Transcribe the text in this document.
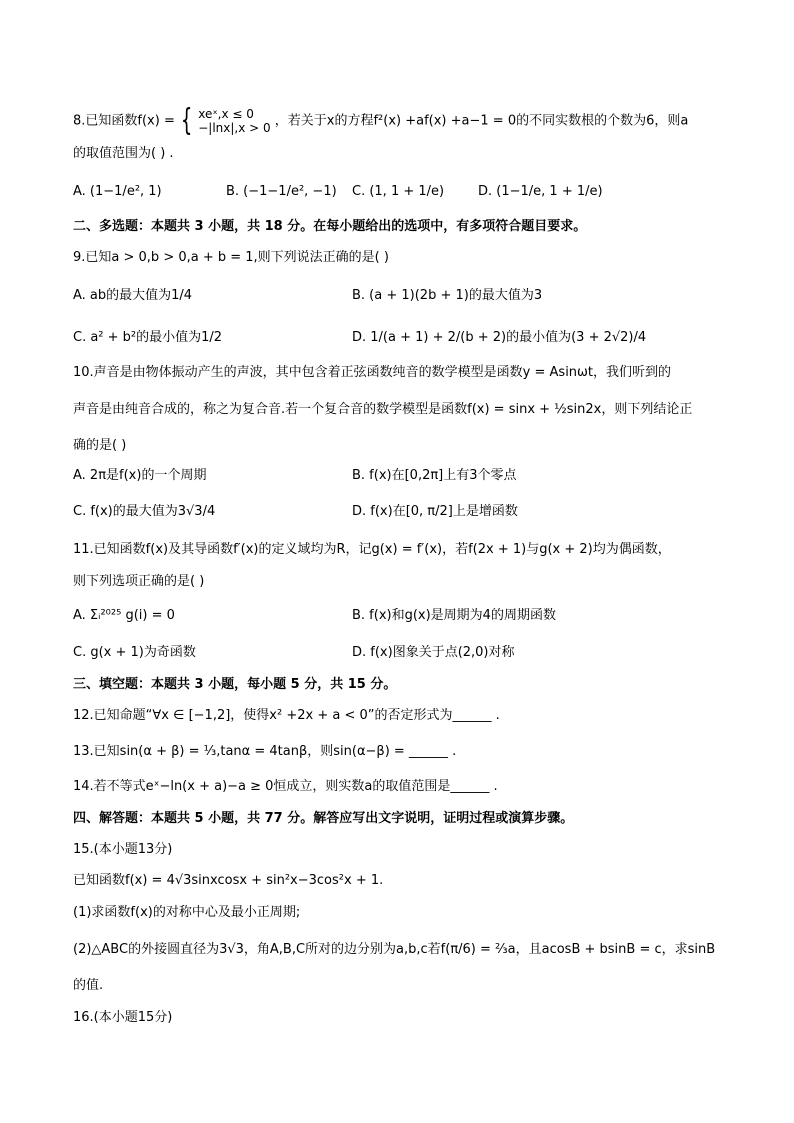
8.已知函数f(x) = { xeˣ,x ≤ 0
−|lnx|,x > 0 ，若关于x的方程f²(x) +af(x) +a−1 = 0的不同实数根的个数为6，则a
的取值范围为( ) .
A. (1−1/e², 1)	B. (−1−1/e², −1) C. (1, 1 + 1/e)	D. (1−1/e, 1 + 1/e)
二、多选题：本题共 3 小题，共 18 分。在每小题给出的选项中，有多项符合题目要求。
9.已知a > 0,b > 0,a + b = 1,则下列说法正确的是( )
A. ab的最大值为1/4	B. (a + 1)(2b + 1)的最大值为3
C. a² + b²的最小值为1/2	D. 1/(a + 1) + 2/(b + 2)的最小值为(3 + 2√2)/4
10.声音是由物体振动产生的声波，其中包含着正弦函数纯音的数学模型是函数y = Asinωt，我们听到的
声音是由纯音合成的，称之为复合音.若一个复合音的数学模型是函数f(x) = sinx + ½sin2x，则下列结论正
确的是( )
A. 2π是f(x)的一个周期	B. f(x)在[0,2π]上有3个零点
C. f(x)的最大值为3√3/4	D. f(x)在[0, π/2]上是增函数
11.已知函数f(x)及其导函数f′(x)的定义域均为R，记g(x) = f′(x)，若f(2x + 1)与g(x + 2)均为偶函数，
则下列选项正确的是( )
A. Σᵢ²⁰²⁵ g(i) = 0	B. f(x)和g(x)是周期为4的周期函数
C. g(x + 1)为奇函数	D. f(x)图象关于点(2,0)对称
三、填空题：本题共 3 小题，每小题 5 分，共 15 分。
12.已知命题“∀x ∈ [−1,2]，使得x² +2x + a < 0”的否定形式为______ .
13.已知sin(α + β) = ⅓,tanα = 4tanβ，则sin(α−β) = ______ .
14.若不等式eˣ−ln(x + a)−a ≥ 0恒成立，则实数a的取值范围是______ .
四、解答题：本题共 5 小题，共 77 分。解答应写出文字说明，证明过程或演算步骤。
15.(本小题13分)
已知函数f(x) = 4√3sinxcosx + sin²x−3cos²x + 1.
(1)求函数f(x)的对称中心及最小正周期;
(2)△ABC的外接圆直径为3√3，角A,B,C所对的边分别为a,b,c若f(π/6) = ⅔a，且acosB + bsinB = c，求sinB
的值.
16.(本小题15分)
